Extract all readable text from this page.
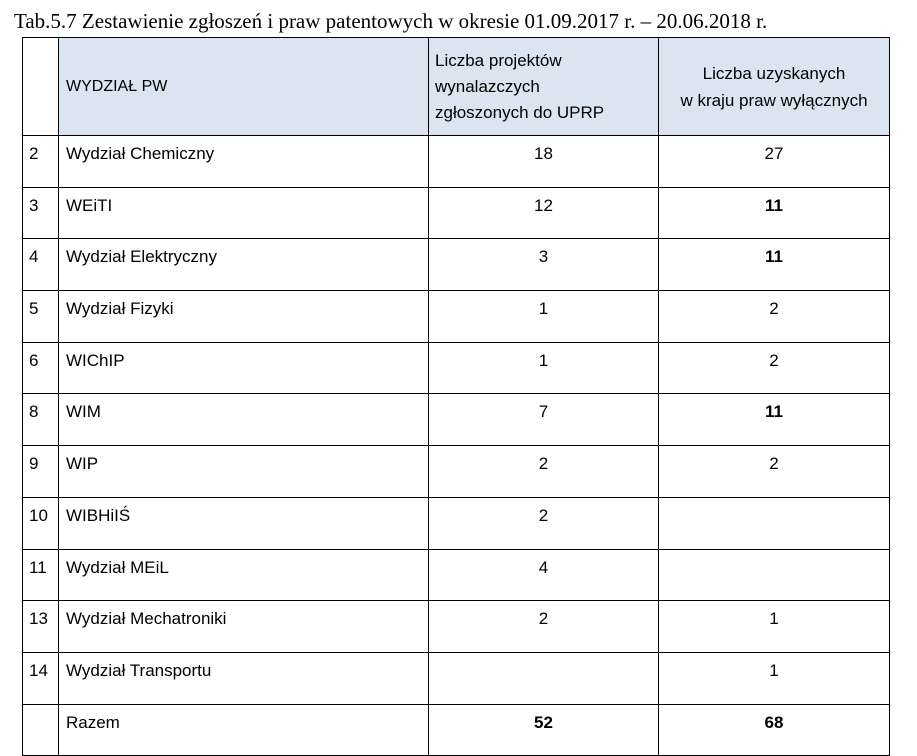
Tab.5.7 Zestawienie zgłoszeń i praw patentowych w okresie 01.09.2017 r. – 20.06.2018 r.
	WYDZIAŁ PW	Liczba projektów
wynalazczych
zgłoszonych do UPRP	Liczba uzyskanych
w kraju praw wyłącznych

2	Wydział Chemiczny	18	27
3	WEiTI	12	11
4	Wydział Elektryczny	3	11
5	Wydział Fizyki	1	2
6	WIChIP	1	2
8	WIM	7	11
9	WIP	2	2
10	WIBHiIŚ	2	
11	Wydział MEiL	4	
13	Wydział Mechatroniki	2	1
14	Wydział Transportu		1
	Razem	52	68
